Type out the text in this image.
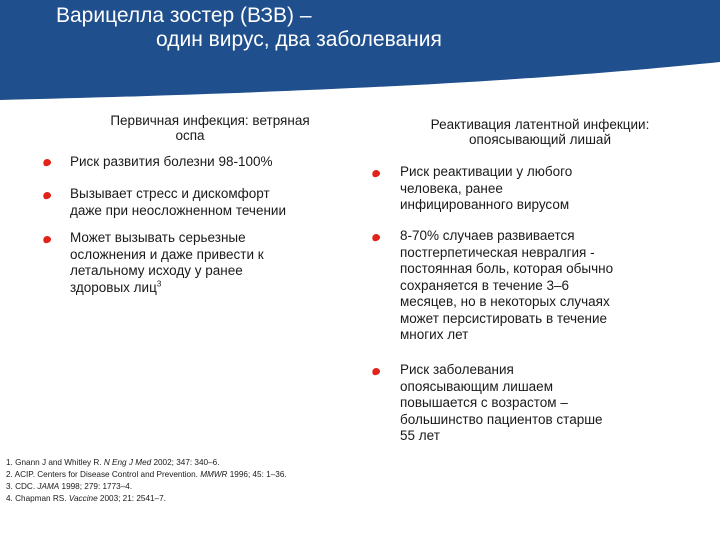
Варицелла зостер (ВЗВ) –
один вирус, два заболевания
Первичная инфекция: ветряная
оспа
Риск развития болезни 98-100%
Вызывает стресс и дискомфорт
даже при неосложненном течении
Может вызывать серьезные
осложнения и даже привести к
летальному исходу у ранее
здоровых лиц$^3$
Реактивация латентной инфекции:
опоясывающий лишай
Риск реактивации у любого
человека, ранее
инфицированного вирусом
8-70% случаев развивается
постгерпетическая невралгия -
постоянная боль, которая обычно
сохраняется в течение 3–6
месяцев, но в некоторых случаях
может персистировать в течение
многих лет
Риск заболевания
опоясывающим лишаем
повышается с возрастом –
большинство пациентов старше
55 лет
1. Gnann J and Whitley R. N Eng J Med 2002; 347: 340–6.
2. ACIP. Centers for Disease Control and Prevention. MMWR 1996; 45: 1–36.
3. CDC. JAMA 1998; 279: 1773–4.
4. Chapman RS. Vaccine 2003; 21: 2541–7.
